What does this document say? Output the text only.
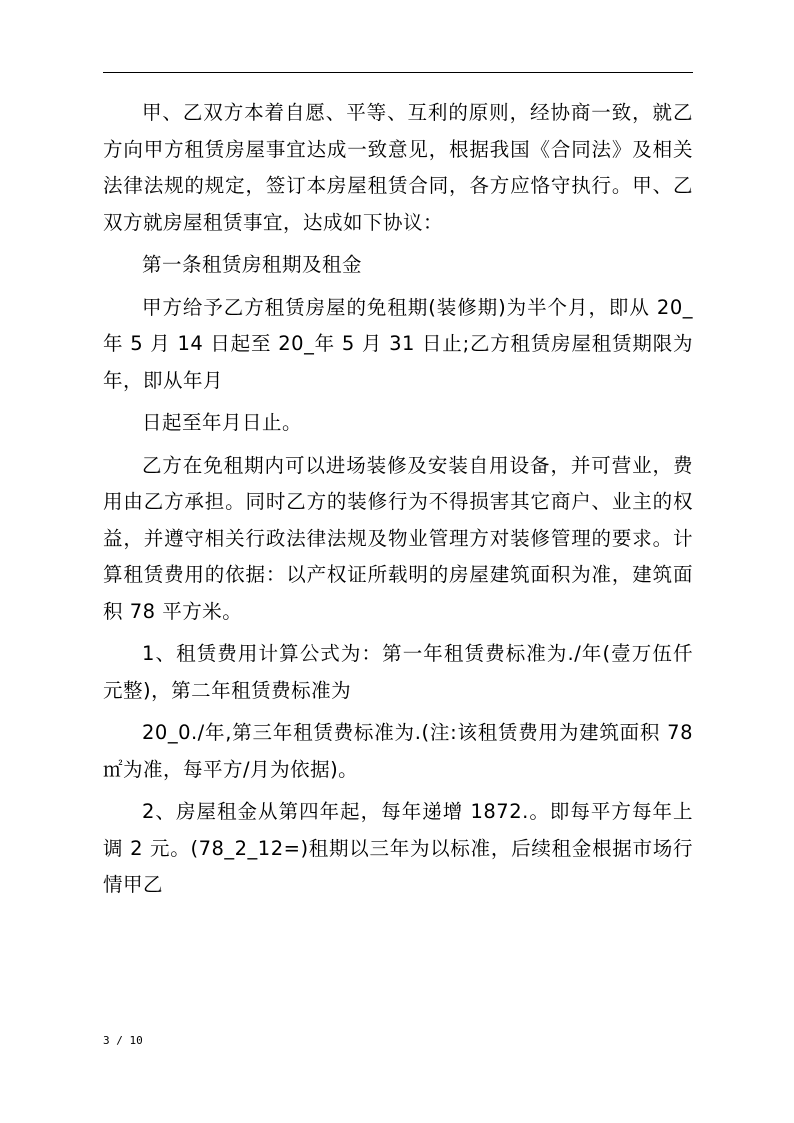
甲、乙双方本着自愿、平等、互利的原则，经协商一致，就乙方向甲方租赁房屋事宜达成一致意见，根据我国《合同法》及相关法律法规的规定，签订本房屋租赁合同，各方应恪守执行。甲、乙双方就房屋租赁事宜，达成如下协议：

第一条租赁房租期及租金

甲方给予乙方租赁房屋的免租期(装修期)为半个月，即从 20_年 5 月 14 日起至 20_年 5 月 31 日止;乙方租赁房屋租赁期限为年，即从年月

日起至年月日止。

乙方在免租期内可以进场装修及安装自用设备，并可营业，费用由乙方承担。同时乙方的装修行为不得损害其它商户、业主的权益，并遵守相关行政法律法规及物业管理方对装修管理的要求。计算租赁费用的依据：以产权证所载明的房屋建筑面积为准，建筑面积 78 平方米。

1、租赁费用计算公式为：第一年租赁费标准为./年(壹万伍仟元整)，第二年租赁费标准为

20_0./年,第三年租赁费标准为.(注:该租赁费用为建筑面积 78㎡为准，每平方/月为依据)。

2、房屋租金从第四年起，每年递增 1872.。即每平方每年上调 2 元。(78_2_12=)租期以三年为以标准，后续租金根据市场行情甲乙

3 / 10
